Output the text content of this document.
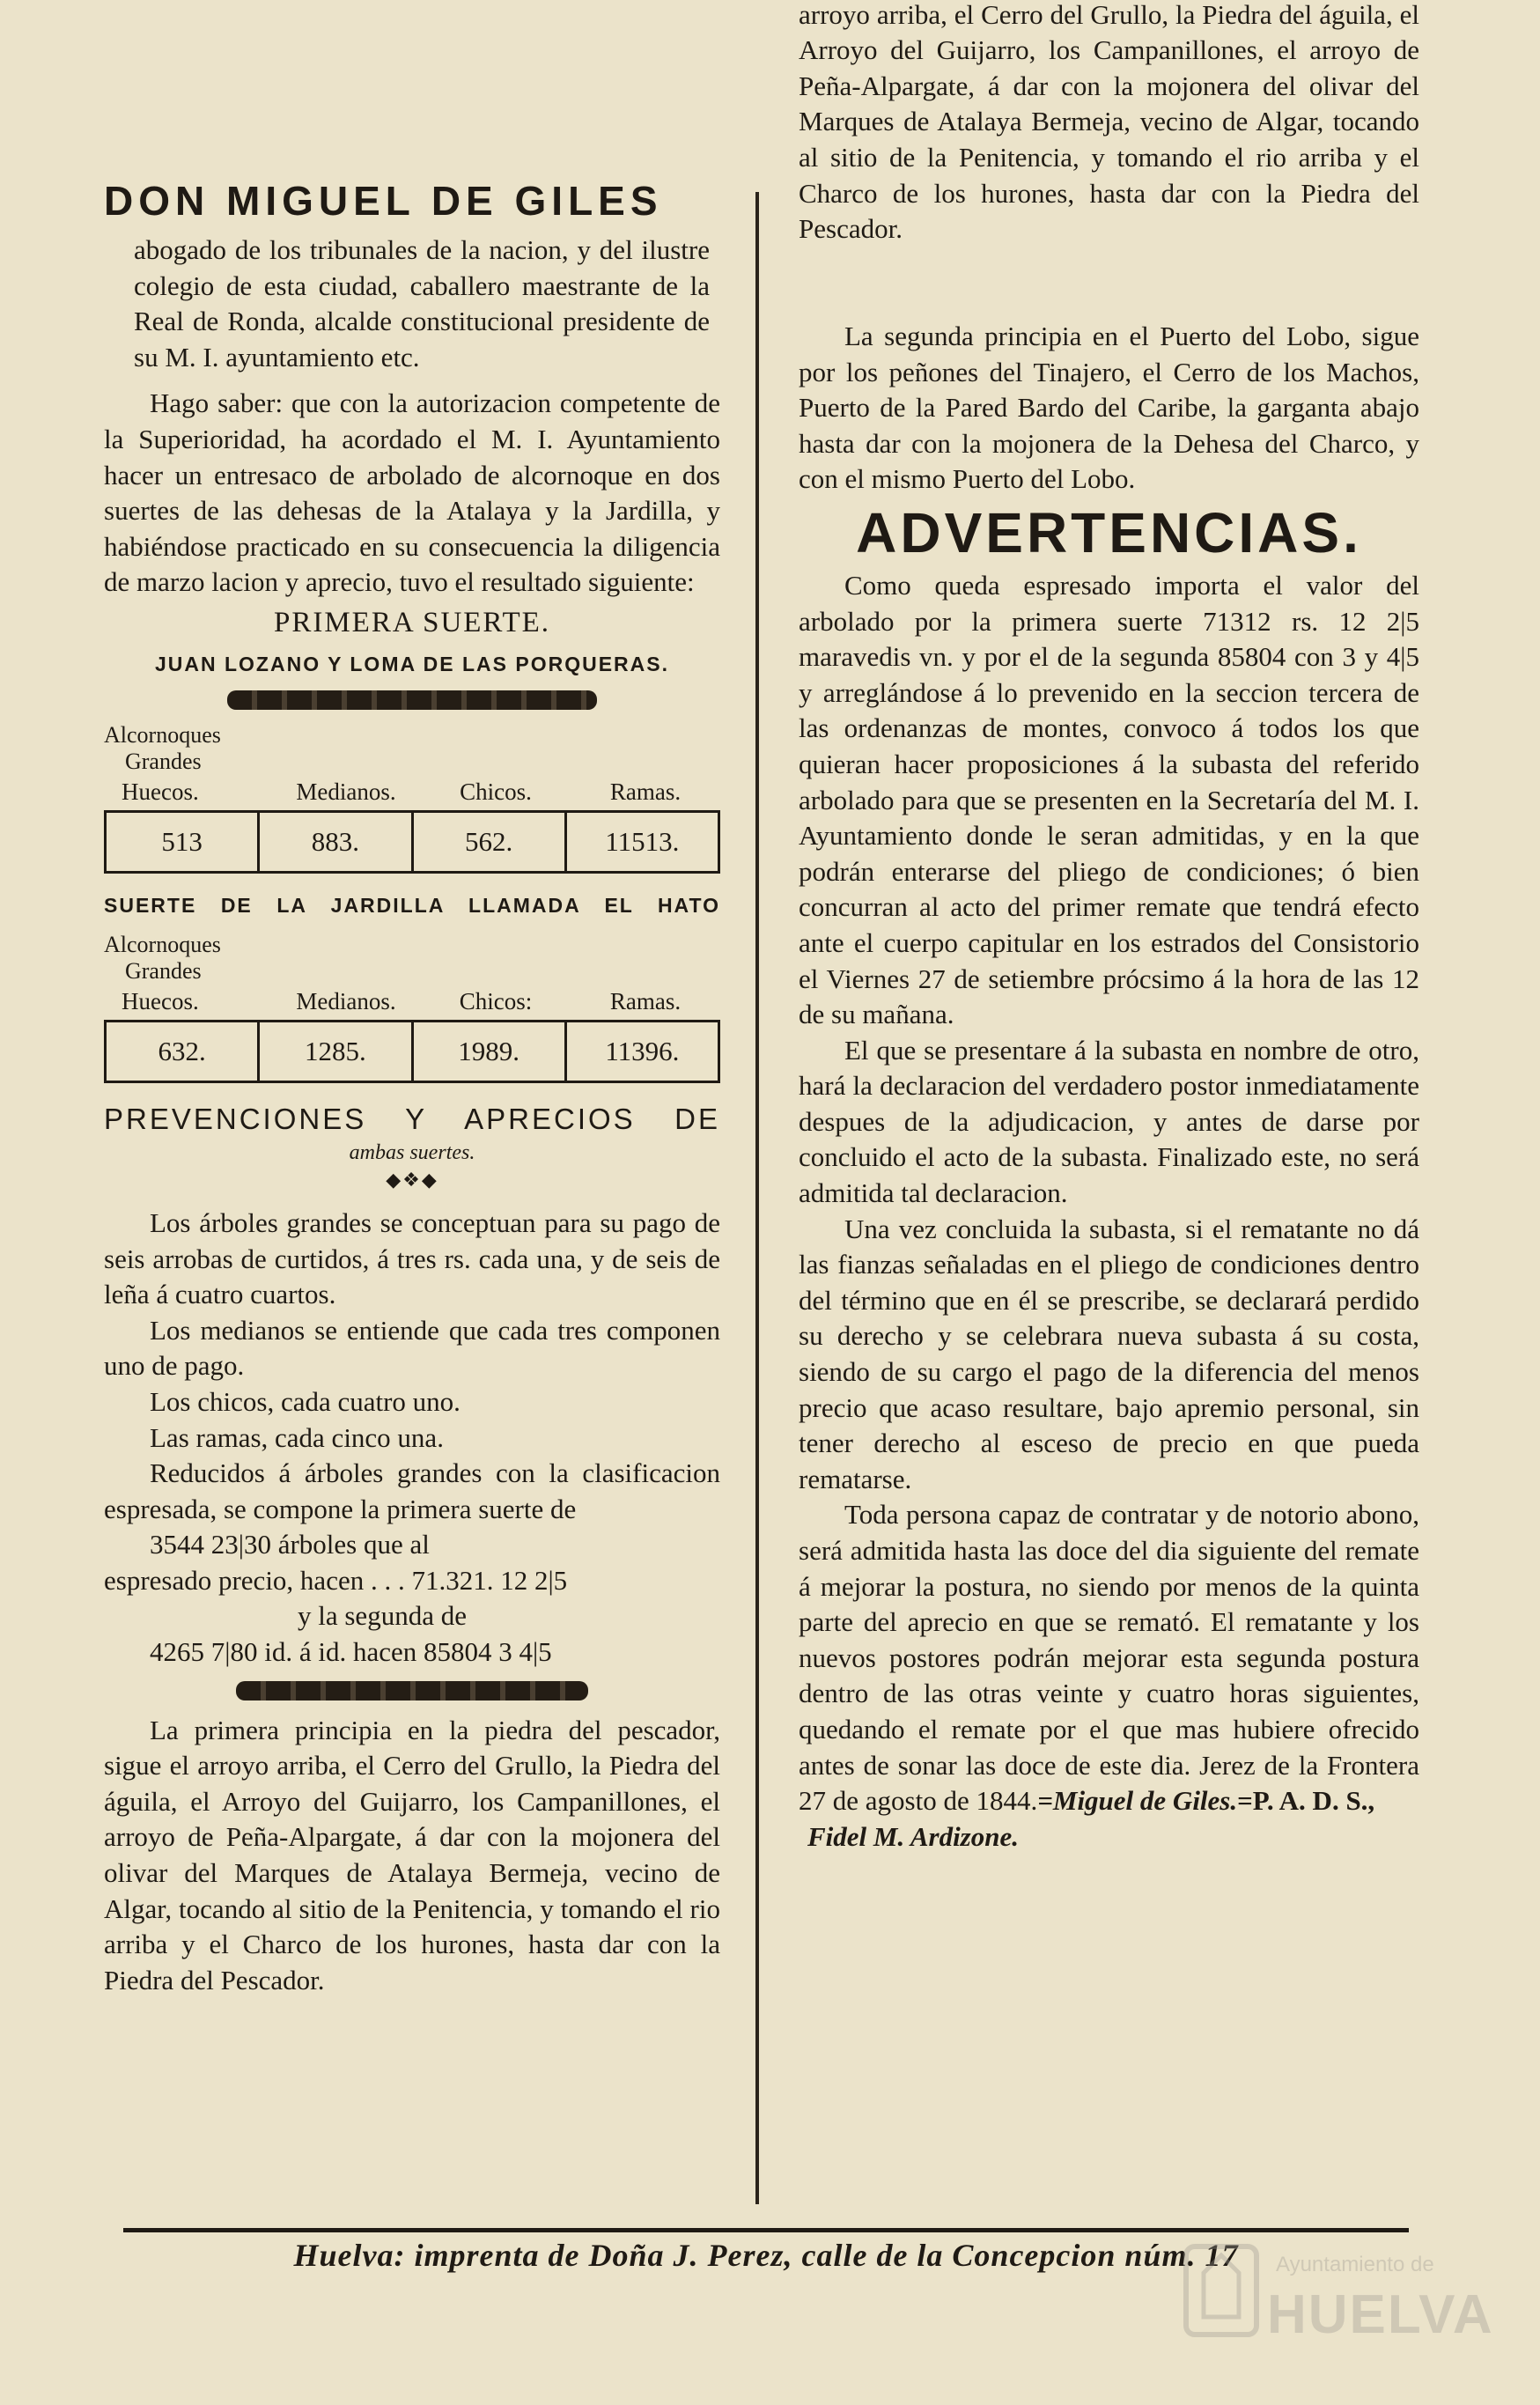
DON MIGUEL DE GILES

abogado de los tribunales de la nacion, y del ilustre colegio de esta ciudad, caballero maestrante de la Real de Ronda, alcalde constitucional presidente de su M. I. ayuntamiento etc.

Hago saber: que con la autorizacion competente de la Superioridad, ha acordado el M. I. Ayuntamiento hacer un entresaco de arbolado de alcornoque en dos suertes de las dehesas de la Atalaya y la Jardilla, y habiéndose practicado en su consecuencia la diligencia de marzo lacion y aprecio, tuvo el resultado siguiente:

PRIMERA SUERTE.
JUAN LOZANO Y LOMA DE LAS PORQUERAS.
Alcornoques
Grandes
Huecos.	Medianos.	Chicos.	Ramas.
513	883.	562.	11513.
SUERTE DE LA JARDILLA LLAMADA EL HATO
Alcornoques
Grandes
Huecos.	Medianos.	Chicos:	Ramas.
632.	1285.	1989.	11396.
PREVENCIONES Y APRECIOS DE
ambas suertes.
◆❖◆

Los árboles grandes se conceptuan para su pago de seis arrobas de curtidos, á tres rs. cada una, y de seis de leña á cuatro cuartos.

Los medianos se entiende que cada tres componen uno de pago.

Los chicos, cada cuatro uno.

Las ramas, cada cinco una.

Reducidos á árboles grandes con la clasificacion espresada, se compone la primera suerte de

3544 23|30 árboles que al

espresado precio, hacen . . . 71.321. 12 2|5

y la segunda de

4265 7|80 id. á id. hacen 85804 3 4|5

La primera principia en la piedra del pescador, sigue el arroyo arriba, el Cerro del Grullo, la Piedra del águila, el Arroyo del Guijarro, los Campanillones, el arroyo de Peña-Alpargate, á dar con la mojonera del olivar del Marques de Atalaya Bermeja, vecino de Algar, tocando al sitio de la Penitencia, y tomando el rio arriba y el Charco de los hurones, hasta dar con la Piedra del Pescador.

arroyo arriba, el Cerro del Grullo, la Piedra del águila, el Arroyo del Guijarro, los Campanillones, el arroyo de Peña-Alpargate, á dar con la mojonera del olivar del Marques de Atalaya Bermeja, vecino de Algar, tocando al sitio de la Penitencia, y tomando el rio arriba y el Charco de los hurones, hasta dar con la Piedra del Pescador.

La segunda principia en el Puerto del Lobo, sigue por los peñones del Tinajero, el Cerro de los Machos, Puerto de la Pared Bardo del Caribe, la garganta abajo hasta dar con la mojonera de la Dehesa del Charco, y con el mismo Puerto del Lobo.

ADVERTENCIAS.

Como queda espresado importa el valor del arbolado por la primera suerte 71312 rs. 12 2|5 maravedis vn. y por el de la segunda 85804 con 3 y 4|5 y arreglándose á lo prevenido en la seccion tercera de las ordenanzas de montes, convoco á todos los que quieran hacer proposiciones á la subasta del referido arbolado para que se presenten en la Secretaría del M. I. Ayuntamiento donde le seran admitidas, y en la que podrán enterarse del pliego de condiciones; ó bien concurran al acto del primer remate que tendrá efecto ante el cuerpo capitular en los estrados del Consistorio el Viernes 27 de setiembre prócsimo á la hora de las 12 de su mañana.

El que se presentare á la subasta en nombre de otro, hará la declaracion del verdadero postor inmediatamente despues de la adjudicacion, y antes de darse por concluido el acto de la subasta. Finalizado este, no será admitida tal declaracion.

Una vez concluida la subasta, si el rematante no dá las fianzas señaladas en el pliego de condiciones dentro del término que en él se prescribe, se declarará perdido su derecho y se celebrara nueva subasta á su costa, siendo de su cargo el pago de la diferencia del menos precio que acaso resultare, bajo apremio personal, sin tener derecho al esceso de precio en que pueda rematarse.

Toda persona capaz de contratar y de notorio abono, será admitida hasta las doce del dia siguiente del remate á mejorar la postura, no siendo por menos de la quinta parte del aprecio en que se remató. El rematante y los nuevos postores podrán mejorar esta segunda postura dentro de las otras veinte y cuatro horas siguientes, quedando el remate por el que mas hubiere ofrecido antes de sonar las doce de este dia. Jerez de la Frontera 27 de agosto de 1844.=Miguel de Giles.=P. A. D. S.,

Fidel M. Ardizone.

Huelva: imprenta de Doña J. Perez, calle de la Concepcion núm. 17	Ayuntamiento de
HUELVA
